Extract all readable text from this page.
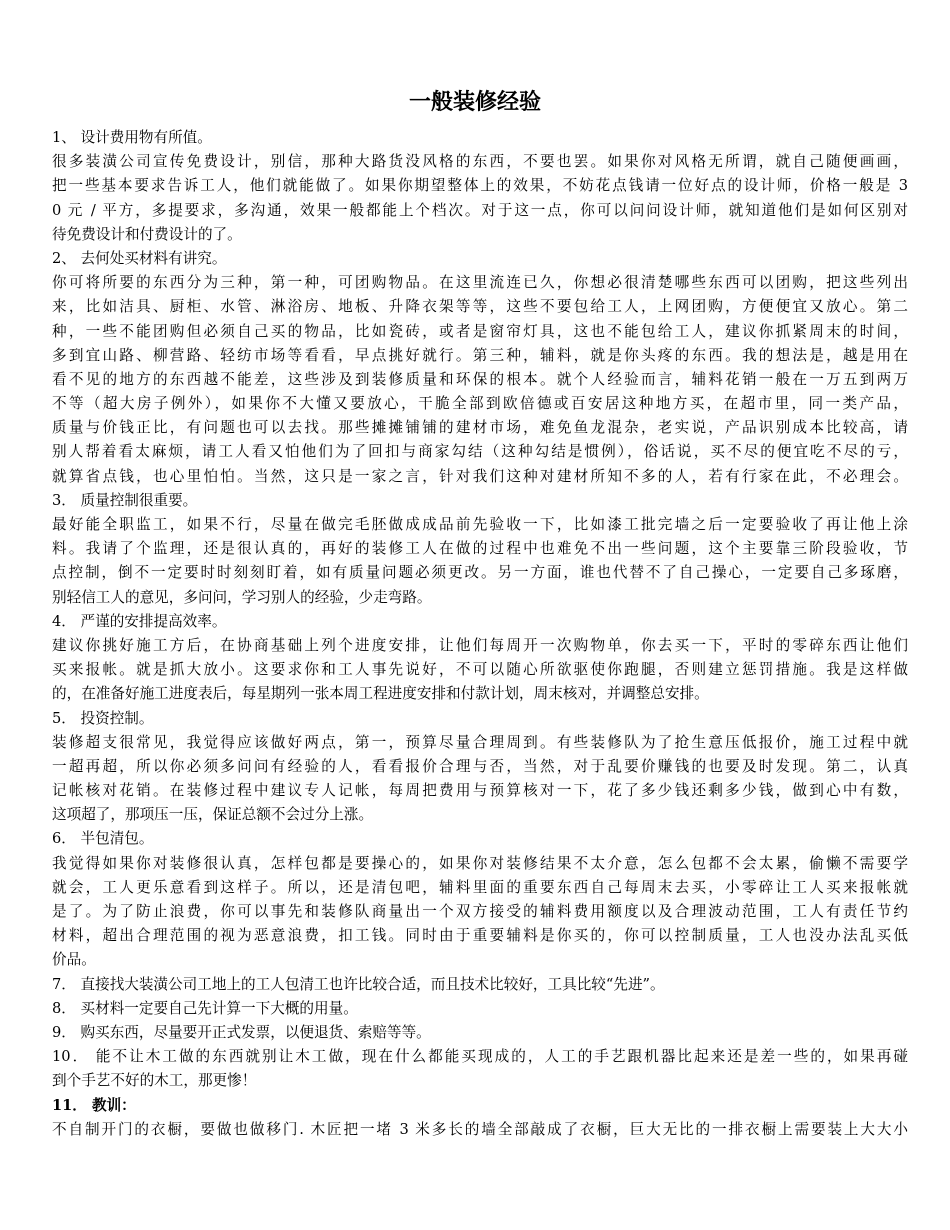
一般装修经验
1、 设计费用物有所值。
很多装潢公司宣传免费设计，别信，那种大路货没风格的东西，不要也罢。如果你对风格无所谓，就自己随便画画，
把一些基本要求告诉工人，他们就能做了。如果你期望整体上的效果，不妨花点钱请一位好点的设计师，价格一般是 3
0 元 / 平方，多提要求，多沟通，效果一般都能上个档次。对于这一点，你可以问问设计师，就知道他们是如何区别对
待免费设计和付费设计的了。
2、 去何处买材料有讲究。
你可将所要的东西分为三种，第一种，可团购物品。在这里流连已久，你想必很清楚哪些东西可以团购，把这些列出
来，比如洁具、厨柜、水管、淋浴房、地板、升降衣架等等，这些不要包给工人，上网团购，方便便宜又放心。第二
种，一些不能团购但必须自己买的物品，比如瓷砖，或者是窗帘灯具，这也不能包给工人，建议你抓紧周末的时间，
多到宜山路、柳营路、轻纺市场等看看，早点挑好就行。第三种，辅料，就是你头疼的东西。我的想法是，越是用在
看不见的地方的东西越不能差，这些涉及到装修质量和环保的根本。就个人经验而言，辅料花销一般在一万五到两万
不等（超大房子例外），如果你不大懂又要放心，干脆全部到欧倍德或百安居这种地方买，在超市里，同一类产品，
质量与价钱正比，有问题也可以去找。那些摊摊铺铺的建材市场，难免鱼龙混杂，老实说，产品识别成本比较高，请
别人帮着看太麻烦，请工人看又怕他们为了回扣与商家勾结（这种勾结是惯例），俗话说，买不尽的便宜吃不尽的亏，
就算省点钱，也心里怕怕。当然，这只是一家之言，针对我们这种对建材所知不多的人，若有行家在此，不必理会。
3． 质量控制很重要。
最好能全职监工，如果不行，尽量在做完毛胚做成成品前先验收一下，比如漆工批完墙之后一定要验收了再让他上涂
料。我请了个监理，还是很认真的，再好的装修工人在做的过程中也难免不出一些问题，这个主要靠三阶段验收，节
点控制，倒不一定要时时刻刻盯着，如有质量问题必须更改。另一方面，谁也代替不了自己操心，一定要自己多琢磨，
别轻信工人的意见，多问问，学习别人的经验，少走弯路。
4． 严谨的安排提高效率。
建议你挑好施工方后，在协商基础上列个进度安排，让他们每周开一次购物单，你去买一下，平时的零碎东西让他们
买来报帐。就是抓大放小。这要求你和工人事先说好，不可以随心所欲驱使你跑腿，否则建立惩罚措施。我是这样做
的，在准备好施工进度表后，每星期列一张本周工程进度安排和付款计划，周末核对，并调整总安排。
5． 投资控制。
装修超支很常见，我觉得应该做好两点，第一，预算尽量合理周到。有些装修队为了抢生意压低报价，施工过程中就
一超再超，所以你必须多问问有经验的人，看看报价合理与否，当然，对于乱要价赚钱的也要及时发现。第二，认真
记帐核对花销。在装修过程中建议专人记帐，每周把费用与预算核对一下，花了多少钱还剩多少钱，做到心中有数，
这项超了，那项压一压，保证总额不会过分上涨。
6． 半包清包。
我觉得如果你对装修很认真，怎样包都是要操心的，如果你对装修结果不太介意，怎么包都不会太累，偷懒不需要学
就会，工人更乐意看到这样子。所以，还是清包吧，辅料里面的重要东西自己每周末去买，小零碎让工人买来报帐就
是了。为了防止浪费，你可以事先和装修队商量出一个双方接受的辅料费用额度以及合理波动范围，工人有责任节约
材料，超出合理范围的视为恶意浪费，扣工钱。同时由于重要辅料是你买的，你可以控制质量，工人也没办法乱买低
价品。
7． 直接找大装潢公司工地上的工人包清工也许比较合适，而且技术比较好，工具比较“先进”。
8． 买材料一定要自己先计算一下大概的用量。
9． 购买东西，尽量要开正式发票，以便退货、索赔等等。
10． 能不让木工做的东西就别让木工做，现在什么都能买现成的，人工的手艺跟机器比起来还是差一些的，如果再碰
到个手艺不好的木工，那更惨！
11． 教训：
不自制开门的衣橱，要做也做移门. 木匠把一堵 3 米多长的墙全部敲成了衣橱，巨大无比的一排衣橱上需要装上大大小
